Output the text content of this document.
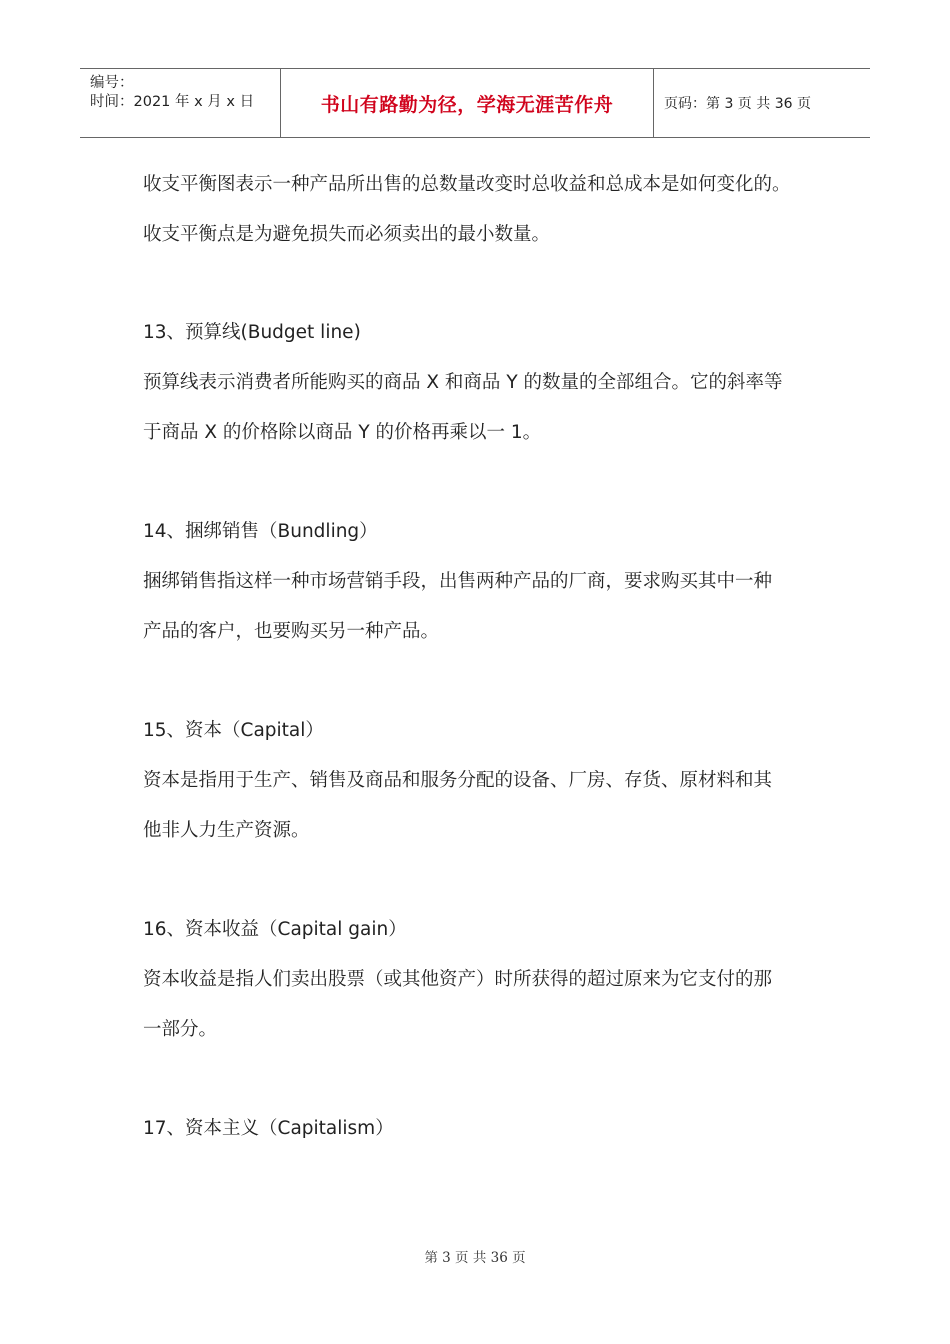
编号：
时间：2021 年 x 月 x 日	书山有路勤为径，学海无涯苦作舟	页码：第 3 页 共 36 页

收支平衡图表示一种产品所出售的总数量改变时总收益和总成本是如何变化的。

收支平衡点是为避免损失而必须卖出的最小数量。

13、预算线(Budget line)

预算线表示消费者所能购买的商品 X 和商品 Y 的数量的全部组合。它的斜率等

于商品 X 的价格除以商品 Y 的价格再乘以一 1。

14、捆绑销售（Bundling）

捆绑销售指这样一种市场营销手段，出售两种产品的厂商，要求购买其中一种

产品的客户，也要购买另一种产品。

15、资本（Capital）

资本是指用于生产、销售及商品和服务分配的设备、厂房、存货、原材料和其

他非人力生产资源。

16、资本收益（Capital gain）

资本收益是指人们卖出股票（或其他资产）时所获得的超过原来为它支付的那

一部分。

17、资本主义（Capitalism）

第 3 页 共 36 页
